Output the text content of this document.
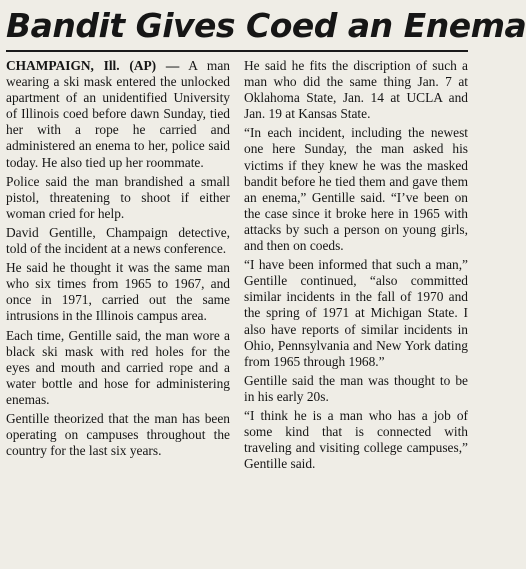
Bandit Gives Coed an Enema

CHAMPAIGN, Ill. (AP) — A man wearing a ski mask entered the unlocked apartment of an unidentified University of Illinois coed before dawn Sunday, tied her with a rope he carried and administered an enema to her, police said today. He also tied up her roommate.

Police said the man brandished a small pistol, threatening to shoot if either woman cried for help.

David Gentille, Champaign detective, told of the incident at a news conference.

He said he thought it was the same man who six times from 1965 to 1967, and once in 1971, carried out the same intrusions in the Illinois campus area.

Each time, Gentille said, the man wore a black ski mask with red holes for the eyes and mouth and carried rope and a water bottle and hose for administering enemas.

Gentille theorized that the man has been operating on campuses throughout the country for the last six years.

He said he fits the discription of such a man who did the same thing Jan. 7 at Oklahoma State, Jan. 14 at UCLA and Jan. 19 at Kansas State.

“In each incident, including the newest one here Sunday, the man asked his victims if they knew he was the masked bandit before he tied them and gave them an enema,” Gentille said. “I’ve been on the case since it broke here in 1965 with attacks by such a person on young girls, and then on coeds.

“I have been informed that such a man,” Gentille continued, “also committed similar incidents in the fall of 1970 and the spring of 1971 at Michigan State. I also have reports of similar incidents in Ohio, Pennsylvania and New York dating from 1965 through 1968.”

Gentille said the man was thought to be in his early 20s.

“I think he is a man who has a job of some kind that is connected with traveling and visiting college campuses,” Gentille said.
